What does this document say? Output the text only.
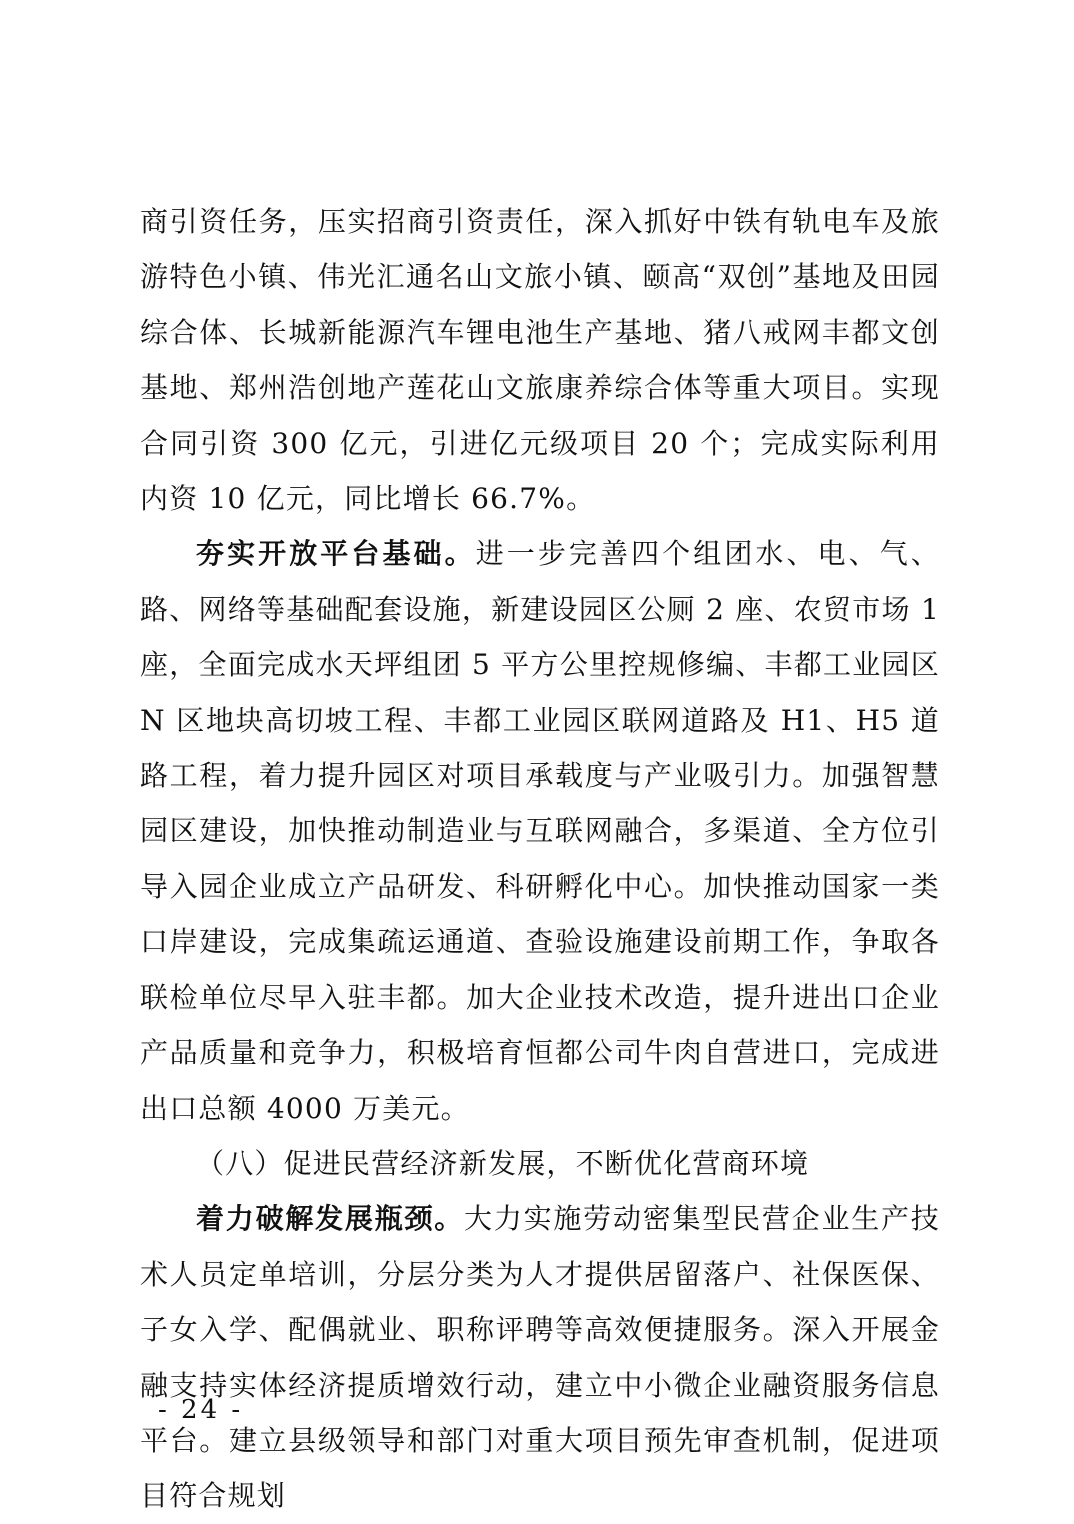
商引资任务，压实招商引资责任，深入抓好中铁有轨电车及旅游特色小镇、伟光汇通名山文旅小镇、颐高“双创”基地及田园综合体、长城新能源汽车锂电池生产基地、猪八戒网丰都文创基地、郑州浩创地产莲花山文旅康养综合体等重大项目。实现合同引资 300 亿元，引进亿元级项目 20 个；完成实际利用内资 10 亿元，同比增长 66.7%。

夯实开放平台基础。进一步完善四个组团水、电、气、路、网络等基础配套设施，新建设园区公厕 2 座、农贸市场 1 座，全面完成水天坪组团 5 平方公里控规修编、丰都工业园区 N 区地块高切坡工程、丰都工业园区联网道路及 H1、H5 道路工程，着力提升园区对项目承载度与产业吸引力。加强智慧园区建设，加快推动制造业与互联网融合，多渠道、全方位引导入园企业成立产品研发、科研孵化中心。加快推动国家一类口岸建设，完成集疏运通道、查验设施建设前期工作，争取各联检单位尽早入驻丰都。加大企业技术改造，提升进出口企业产品质量和竞争力，积极培育恒都公司牛肉自营进口，完成进出口总额 4000 万美元。

（八）促进民营经济新发展，不断优化营商环境

着力破解发展瓶颈。大力实施劳动密集型民营企业生产技术人员定单培训，分层分类为人才提供居留落户、社保医保、子女入学、配偶就业、职称评聘等高效便捷服务。深入开展金融支持实体经济提质增效行动，建立中小微企业融资服务信息平台。建立县级领导和部门对重大项目预先审查机制，促进项目符合规划

- 24 -
